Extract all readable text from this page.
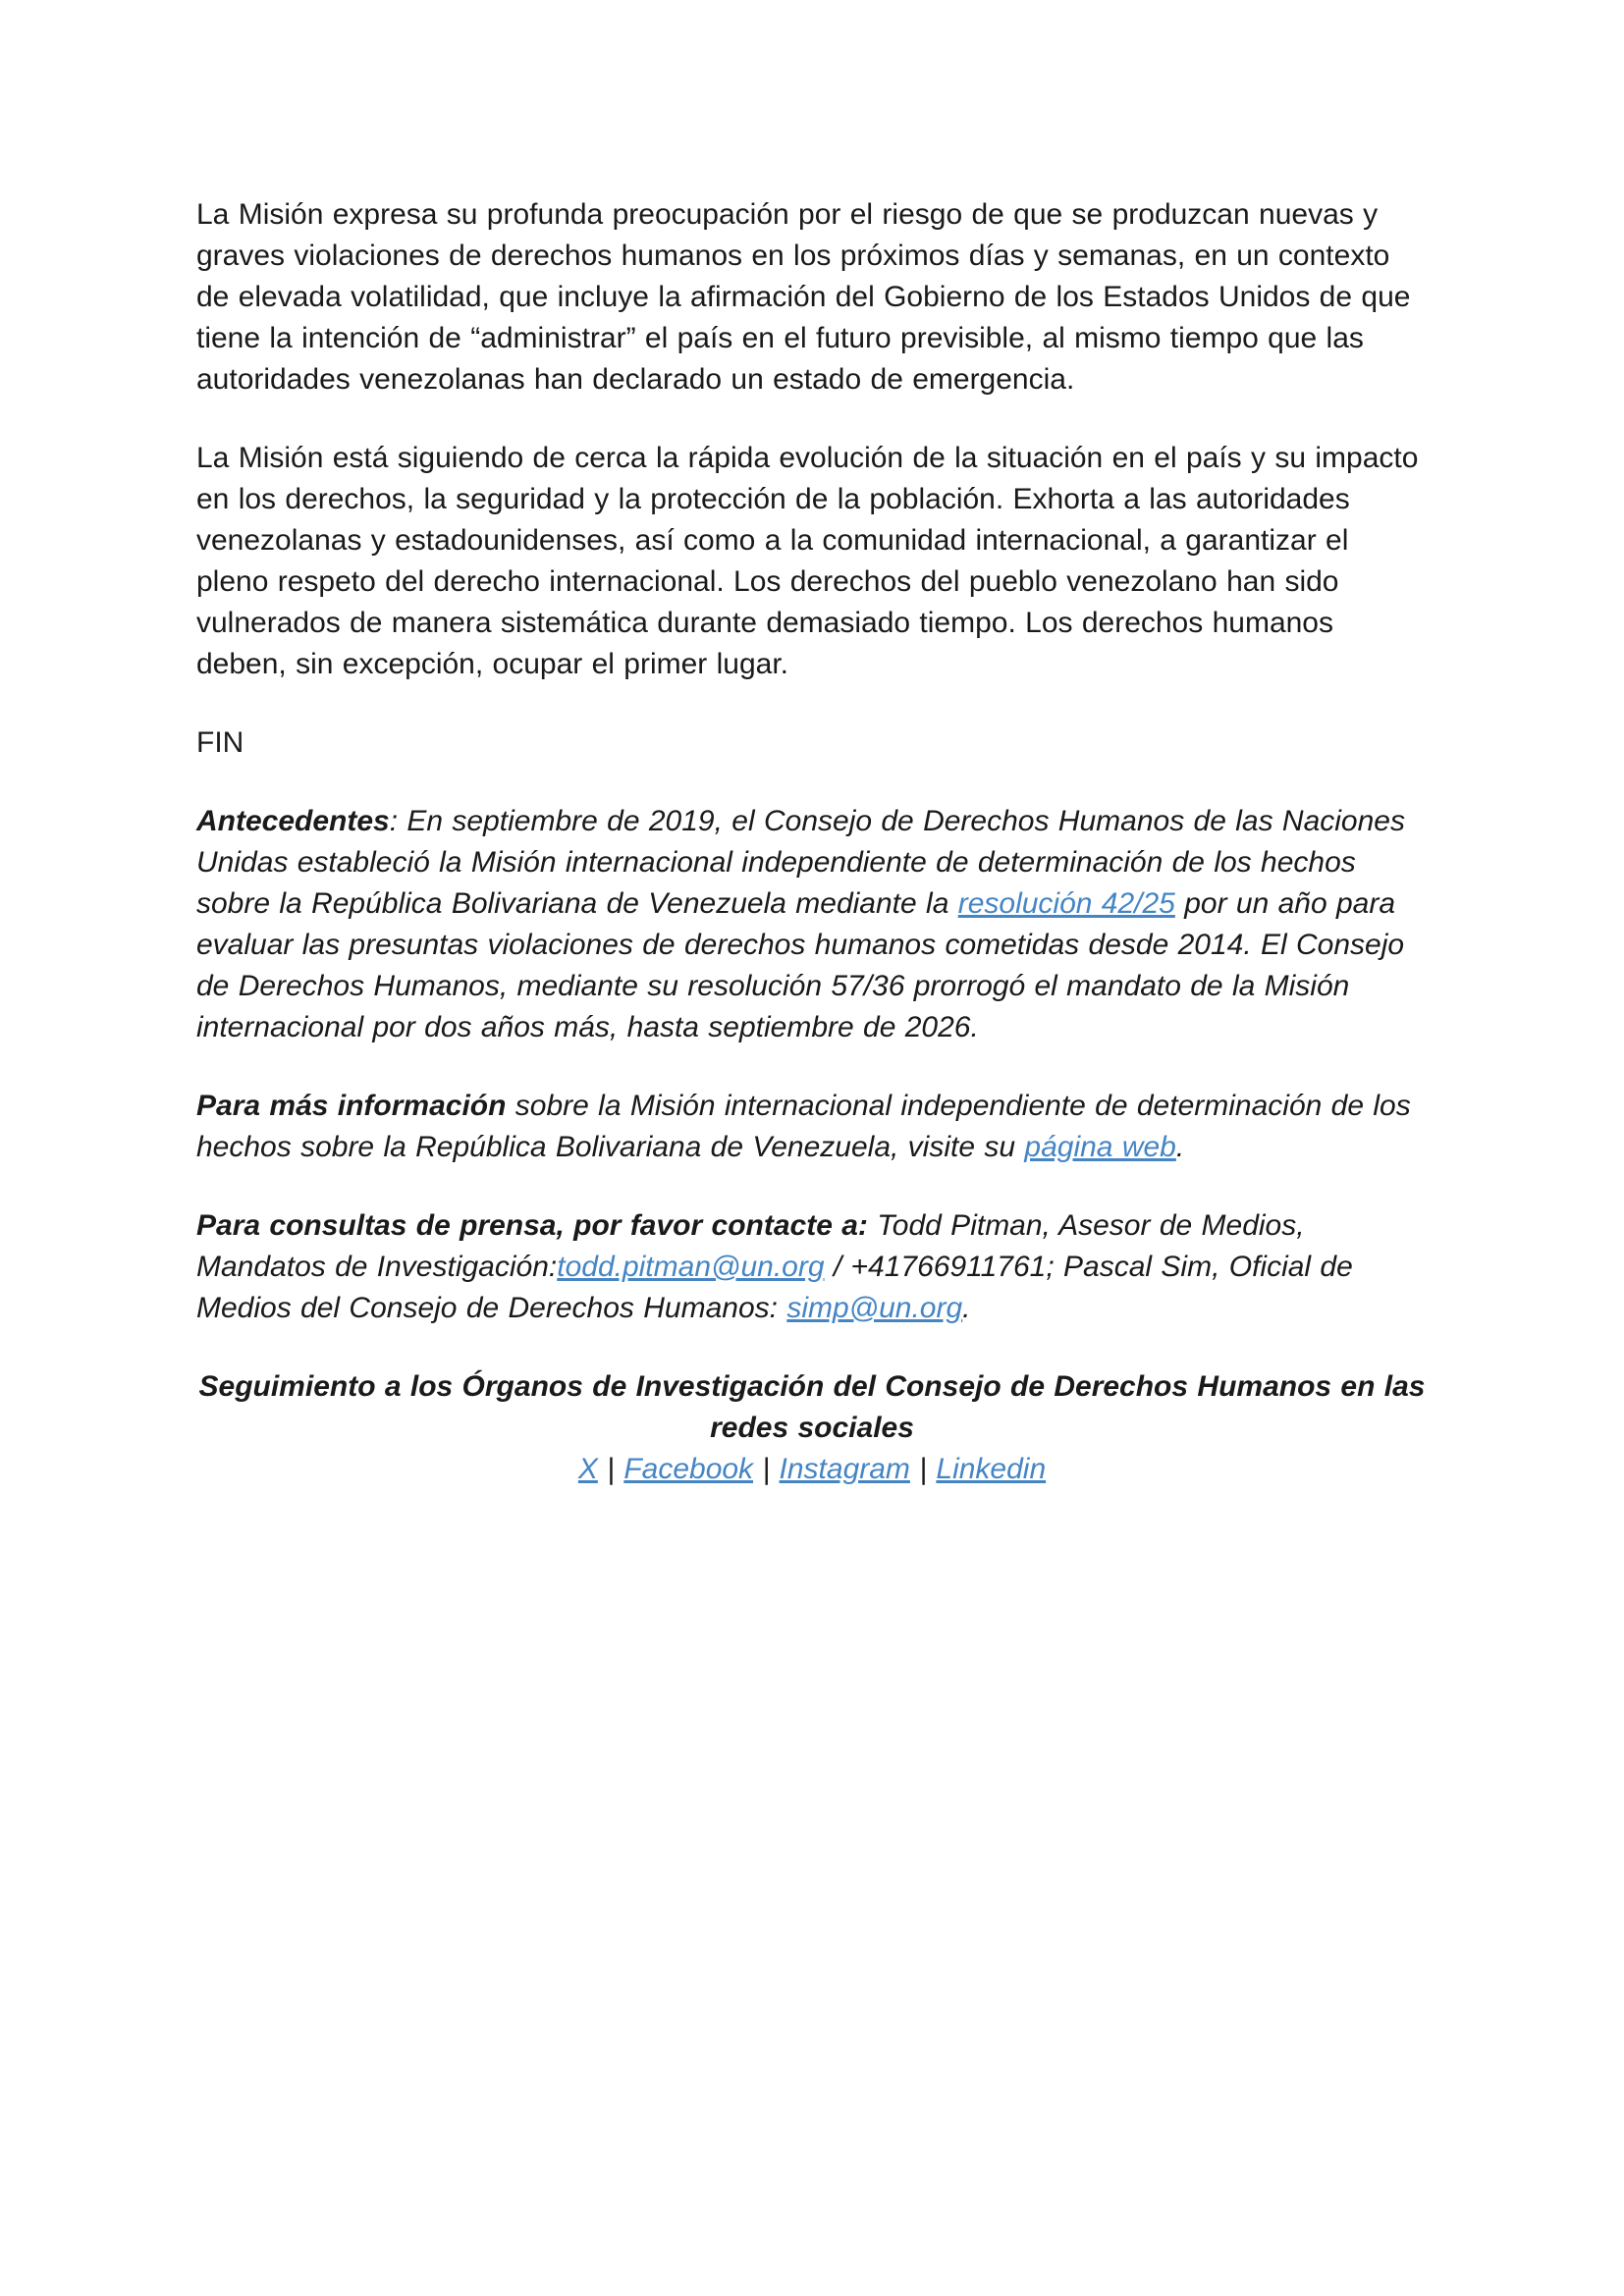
La Misión expresa su profunda preocupación por el riesgo de que se produzcan nuevas y graves violaciones de derechos humanos en los próximos días y semanas, en un contexto de elevada volatilidad, que incluye la afirmación del Gobierno de los Estados Unidos de que tiene la intención de “administrar” el país en el futuro previsible, al mismo tiempo que las autoridades venezolanas han declarado un estado de emergencia.
La Misión está siguiendo de cerca la rápida evolución de la situación en el país y su impacto en los derechos, la seguridad y la protección de la población. Exhorta a las autoridades venezolanas y estadounidenses, así como a la comunidad internacional, a garantizar el pleno respeto del derecho internacional. Los derechos del pueblo venezolano han sido vulnerados de manera sistemática durante demasiado tiempo. Los derechos humanos deben, sin excepción, ocupar el primer lugar.
FIN
Antecedentes: En septiembre de 2019, el Consejo de Derechos Humanos de las Naciones Unidas estableció la Misión internacional independiente de determinación de los hechos sobre la República Bolivariana de Venezuela mediante la resolución 42/25 por un año para evaluar las presuntas violaciones de derechos humanos cometidas desde 2014. El Consejo de Derechos Humanos, mediante su resolución 57/36 prorrogó el mandato de la Misión internacional por dos años más, hasta septiembre de 2026.
Para más información sobre la Misión internacional independiente de determinación de los hechos sobre la República Bolivariana de Venezuela, visite su página web.
Para consultas de prensa, por favor contacte a: Todd Pitman, Asesor de Medios, Mandatos de Investigación:todd.pitman@un.org / +41766911761; Pascal Sim, Oficial de Medios del Consejo de Derechos Humanos: simp@un.org.
Seguimiento a los Órganos de Investigación del Consejo de Derechos Humanos en las redes sociales
X | Facebook | Instagram | Linkedin
